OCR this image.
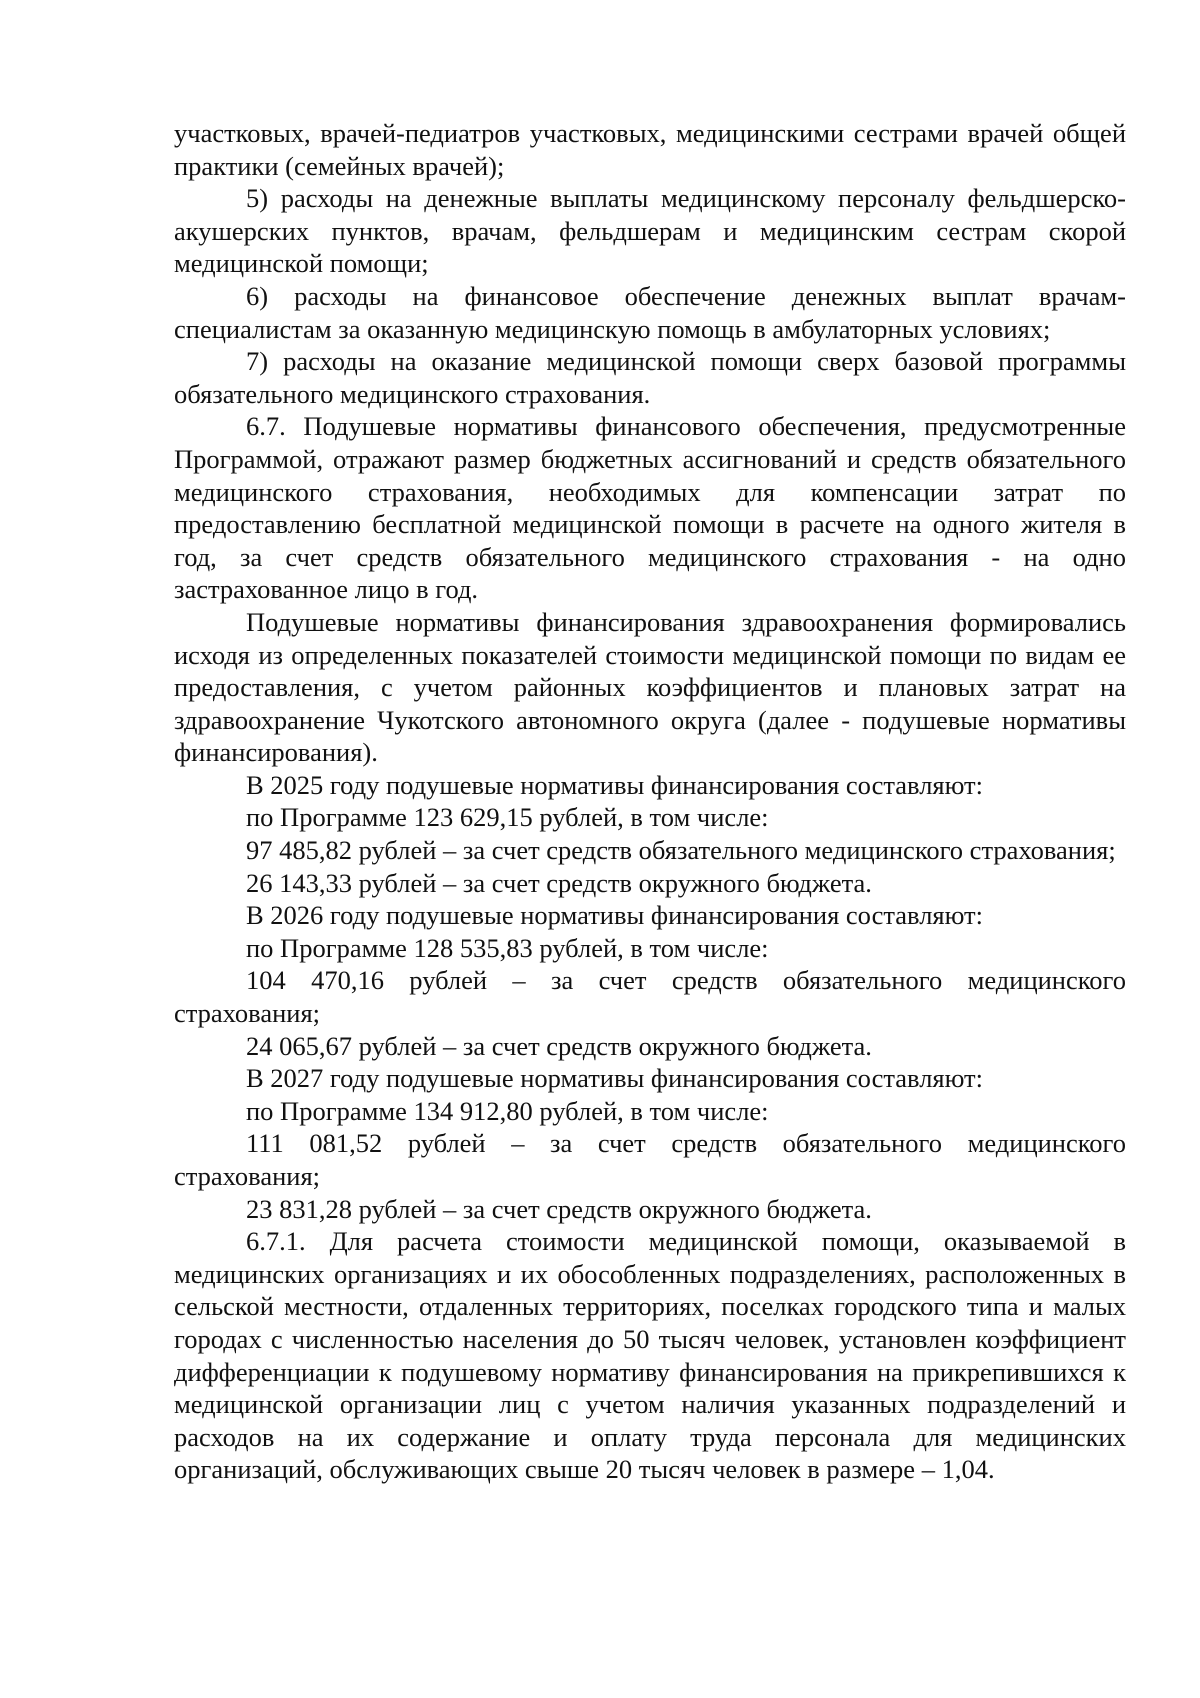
участковых, врачей-педиатров участковых, медицинскими сестрами врачей общей практики (семейных врачей);

5) расходы на денежные выплаты медицинскому персоналу фельдшерско-акушерских пунктов, врачам, фельдшерам и медицинским сестрам скорой медицинской помощи;

6) расходы на финансовое обеспечение денежных выплат врачам-специалистам за оказанную медицинскую помощь в амбулаторных условиях;

7) расходы на оказание медицинской помощи сверх базовой программы обязательного медицинского страхования.

6.7. Подушевые нормативы финансового обеспечения, предусмотренные Программой, отражают размер бюджетных ассигнований и средств обязательного медицинского страхования, необходимых для компенсации затрат по предоставлению бесплатной медицинской помощи в расчете на одного жителя в год, за счет средств обязательного медицинского страхования - на одно застрахованное лицо в год.

Подушевые нормативы финансирования здравоохранения формировались исходя из определенных показателей стоимости медицинской помощи по видам ее предоставления, с учетом районных коэффициентов и плановых затрат на здравоохранение Чукотского автономного округа (далее - подушевые нормативы финансирования).

В 2025 году подушевые нормативы финансирования составляют:

по Программе 123 629,15 рублей, в том числе:

97 485,82 рублей – за счет средств обязательного медицинского страхования;

26 143,33 рублей – за счет средств окружного бюджета.

В 2026 году подушевые нормативы финансирования составляют:

по Программе 128 535,83 рублей, в том числе:

104 470,16 рублей – за счет средств обязательного медицинского страхования;

24 065,67 рублей – за счет средств окружного бюджета.

В 2027 году подушевые нормативы финансирования составляют:

по Программе 134 912,80 рублей, в том числе:

111 081,52 рублей – за счет средств обязательного медицинского страхования;

23 831,28 рублей – за счет средств окружного бюджета.

6.7.1. Для расчета стоимости медицинской помощи, оказываемой в медицинских организациях и их обособленных подразделениях, расположенных в сельской местности, отдаленных территориях, поселках городского типа и малых городах с численностью населения до 50 тысяч человек, установлен коэффициент дифференциации к подушевому нормативу финансирования на прикрепившихся к медицинской организации лиц с учетом наличия указанных подразделений и расходов на их содержание и оплату труда персонала для медицинских организаций, обслуживающих свыше 20 тысяч человек в размере – 1,04.
